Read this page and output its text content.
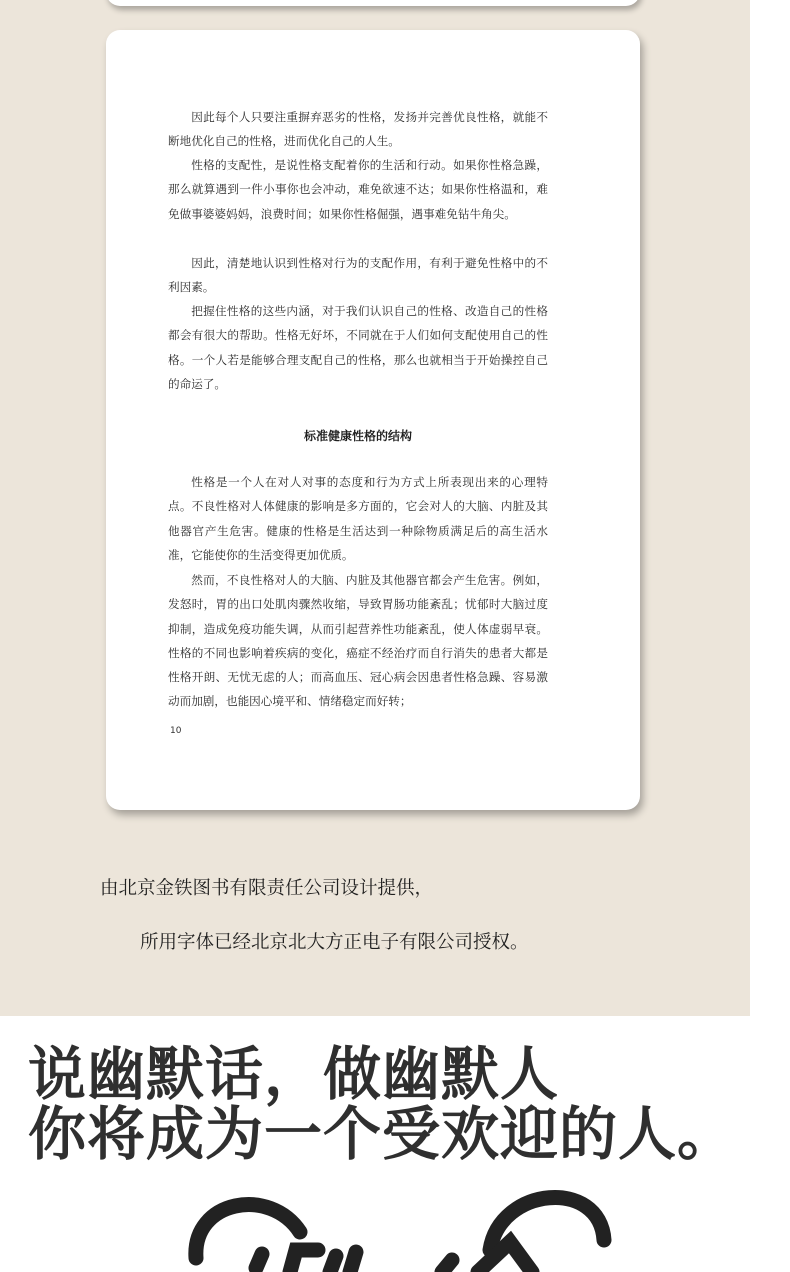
因此每个人只要注重摒弃恶劣的性格，发扬并完善优良性格，就能不断地优化自己的性格，进而优化自己的人生。

性格的支配性，是说性格支配着你的生活和行动。如果你性格急躁，那么就算遇到一件小事你也会冲动，难免欲速不达；如果你性格温和，难免做事婆婆妈妈，浪费时间；如果你性格倔强，遇事难免钻牛角尖。

因此，清楚地认识到性格对行为的支配作用，有利于避免性格中的不利因素。

把握住性格的这些内涵，对于我们认识自己的性格、改造自己的性格都会有很大的帮助。性格无好坏，不同就在于人们如何支配使用自己的性格。一个人若是能够合理支配自己的性格，那么也就相当于开始操控自己的命运了。

标准健康性格的结构

性格是一个人在对人对事的态度和行为方式上所表现出来的心理特点。不良性格对人体健康的影响是多方面的，它会对人的大脑、内脏及其他器官产生危害。健康的性格是生活达到一种除物质满足后的高生活水准，它能使你的生活变得更加优质。

然而，不良性格对人的大脑、内脏及其他器官都会产生危害。例如，发怒时，胃的出口处肌肉骤然收缩，导致胃肠功能紊乱；忧郁时大脑过度抑制，造成免疫功能失调，从而引起营养性功能紊乱，使人体虚弱早衰。性格的不同也影响着疾病的变化，癌症不经治疗而自行消失的患者大都是性格开朗、无忧无虑的人；而高血压、冠心病会因患者性格急躁、容易激动而加剧，也能因心境平和、情绪稳定而好转；

10
由北京金铁图书有限责任公司设计提供，
所用字体已经北京北大方正电子有限公司授权。
说幽默话，做幽默人
你将成为一个受欢迎的人。
